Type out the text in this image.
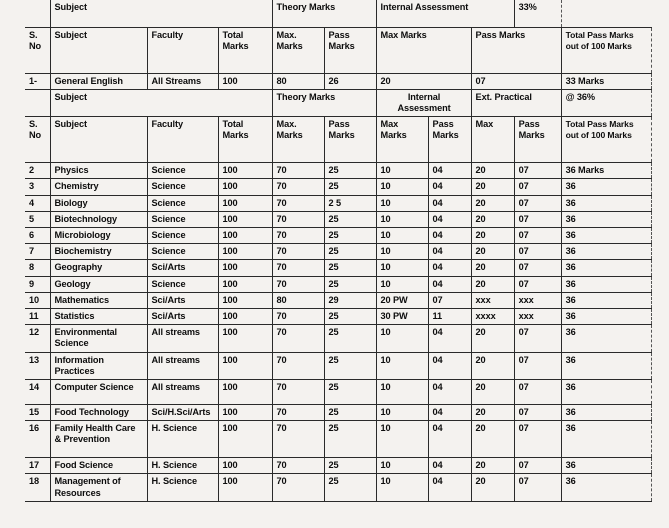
	Subject			Theory Marks		Internal Assessment			33%	
S. No	Subject	Faculty	Total Marks	Max. Marks	Pass Marks	Max Marks		Pass Marks		Total Pass Marks out of 100 Marks
1-	General English	All Streams	100	80	26	20		07		33 Marks
	Subject			Theory Marks		Internal Assessment		Ext. Practical		@ 36%
S. No	Subject	Faculty	Total Marks	Max. Marks	Pass Marks	Max Marks	Pass Marks	Max	Pass Marks	Total Pass Marks out of 100 Marks
2	Physics	Science	100	70	25	10	04	20	07	36 Marks
3	Chemistry	Science	100	70	25	10	04	20	07	36
4	Biology	Science	100	70	2 5	10	04	20	07	36
5	Biotechnology	Science	100	70	25	10	04	20	07	36
6	Microbiology	Science	100	70	25	10	04	20	07	36
7	Biochemistry	Science	100	70	25	10	04	20	07	36
8	Geography	Sci/Arts	100	70	25	10	04	20	07	36
9	Geology	Science	100	70	25	10	04	20	07	36
10	Mathematics	Sci/Arts	100	80	29	20 PW	07	xxx	xxx	36
11	Statistics	Sci/Arts	100	70	25	30 PW	11	xxxx	xxx	36
12	Environmental Science	All streams	100	70	25	10	04	20	07	36
13	Information Practices	All streams	100	70	25	10	04	20	07	36
14	Computer Science	All streams	100	70	25	10	04	20	07	36
15	Food Technology	Sci/H.Sci/Arts	100	70	25	10	04	20	07	36
16	Family Health Care & Prevention	H. Science	100	70	25	10	04	20	07	36
17	Food Science	H. Science	100	70	25	10	04	20	07	36
18	Management of Resources	H. Science	100	70	25	10	04	20	07	36
